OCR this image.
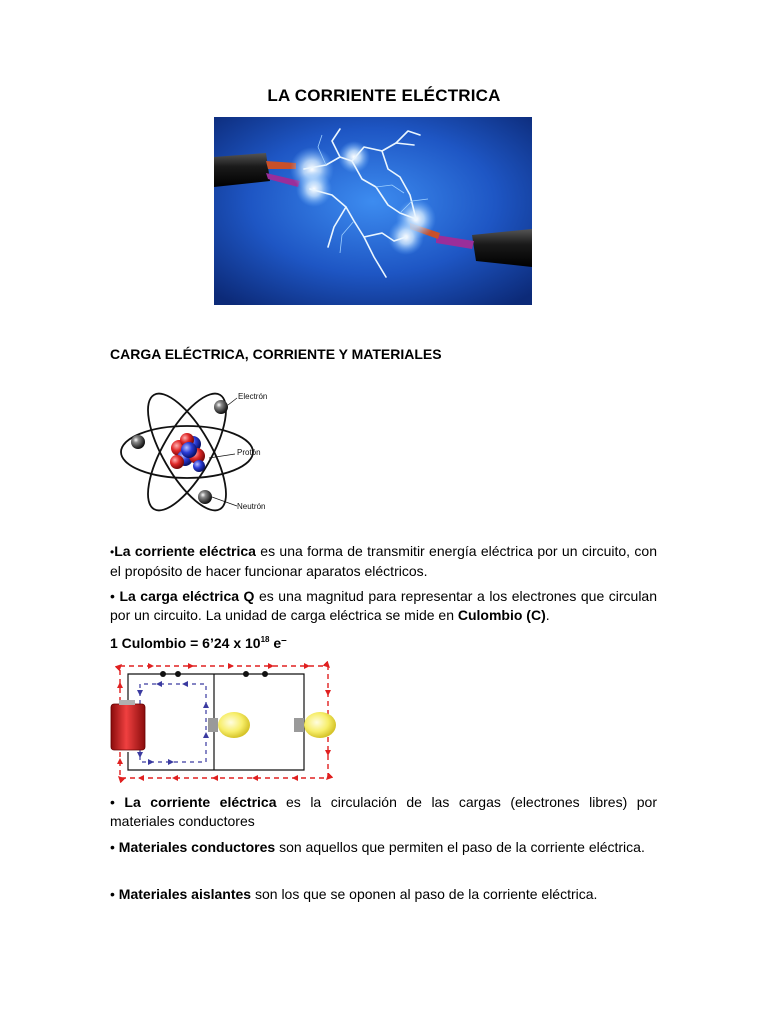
LA CORRIENTE ELÉCTRICA
CARGA ELÉCTRICA, CORRIENTE Y MATERIALES
Electrón
Protón
Neutrón
•La corriente eléctrica es una forma de transmitir energía eléctrica por un circuito, con el propósito de hacer funcionar aparatos eléctricos.
• La carga eléctrica Q es una magnitud para representar a los electrones que circulan por un circuito. La unidad de carga eléctrica se mide en Culombio (C).
1 Culombio = 6’24 x $10^{18}$ e–
• La corriente eléctrica es la circulación de las cargas (electrones libres) por materiales conductores
• Materiales conductores son aquellos que permiten el paso de la corriente eléctrica.
• Materiales aislantes son los que se oponen al paso de la corriente eléctrica.
